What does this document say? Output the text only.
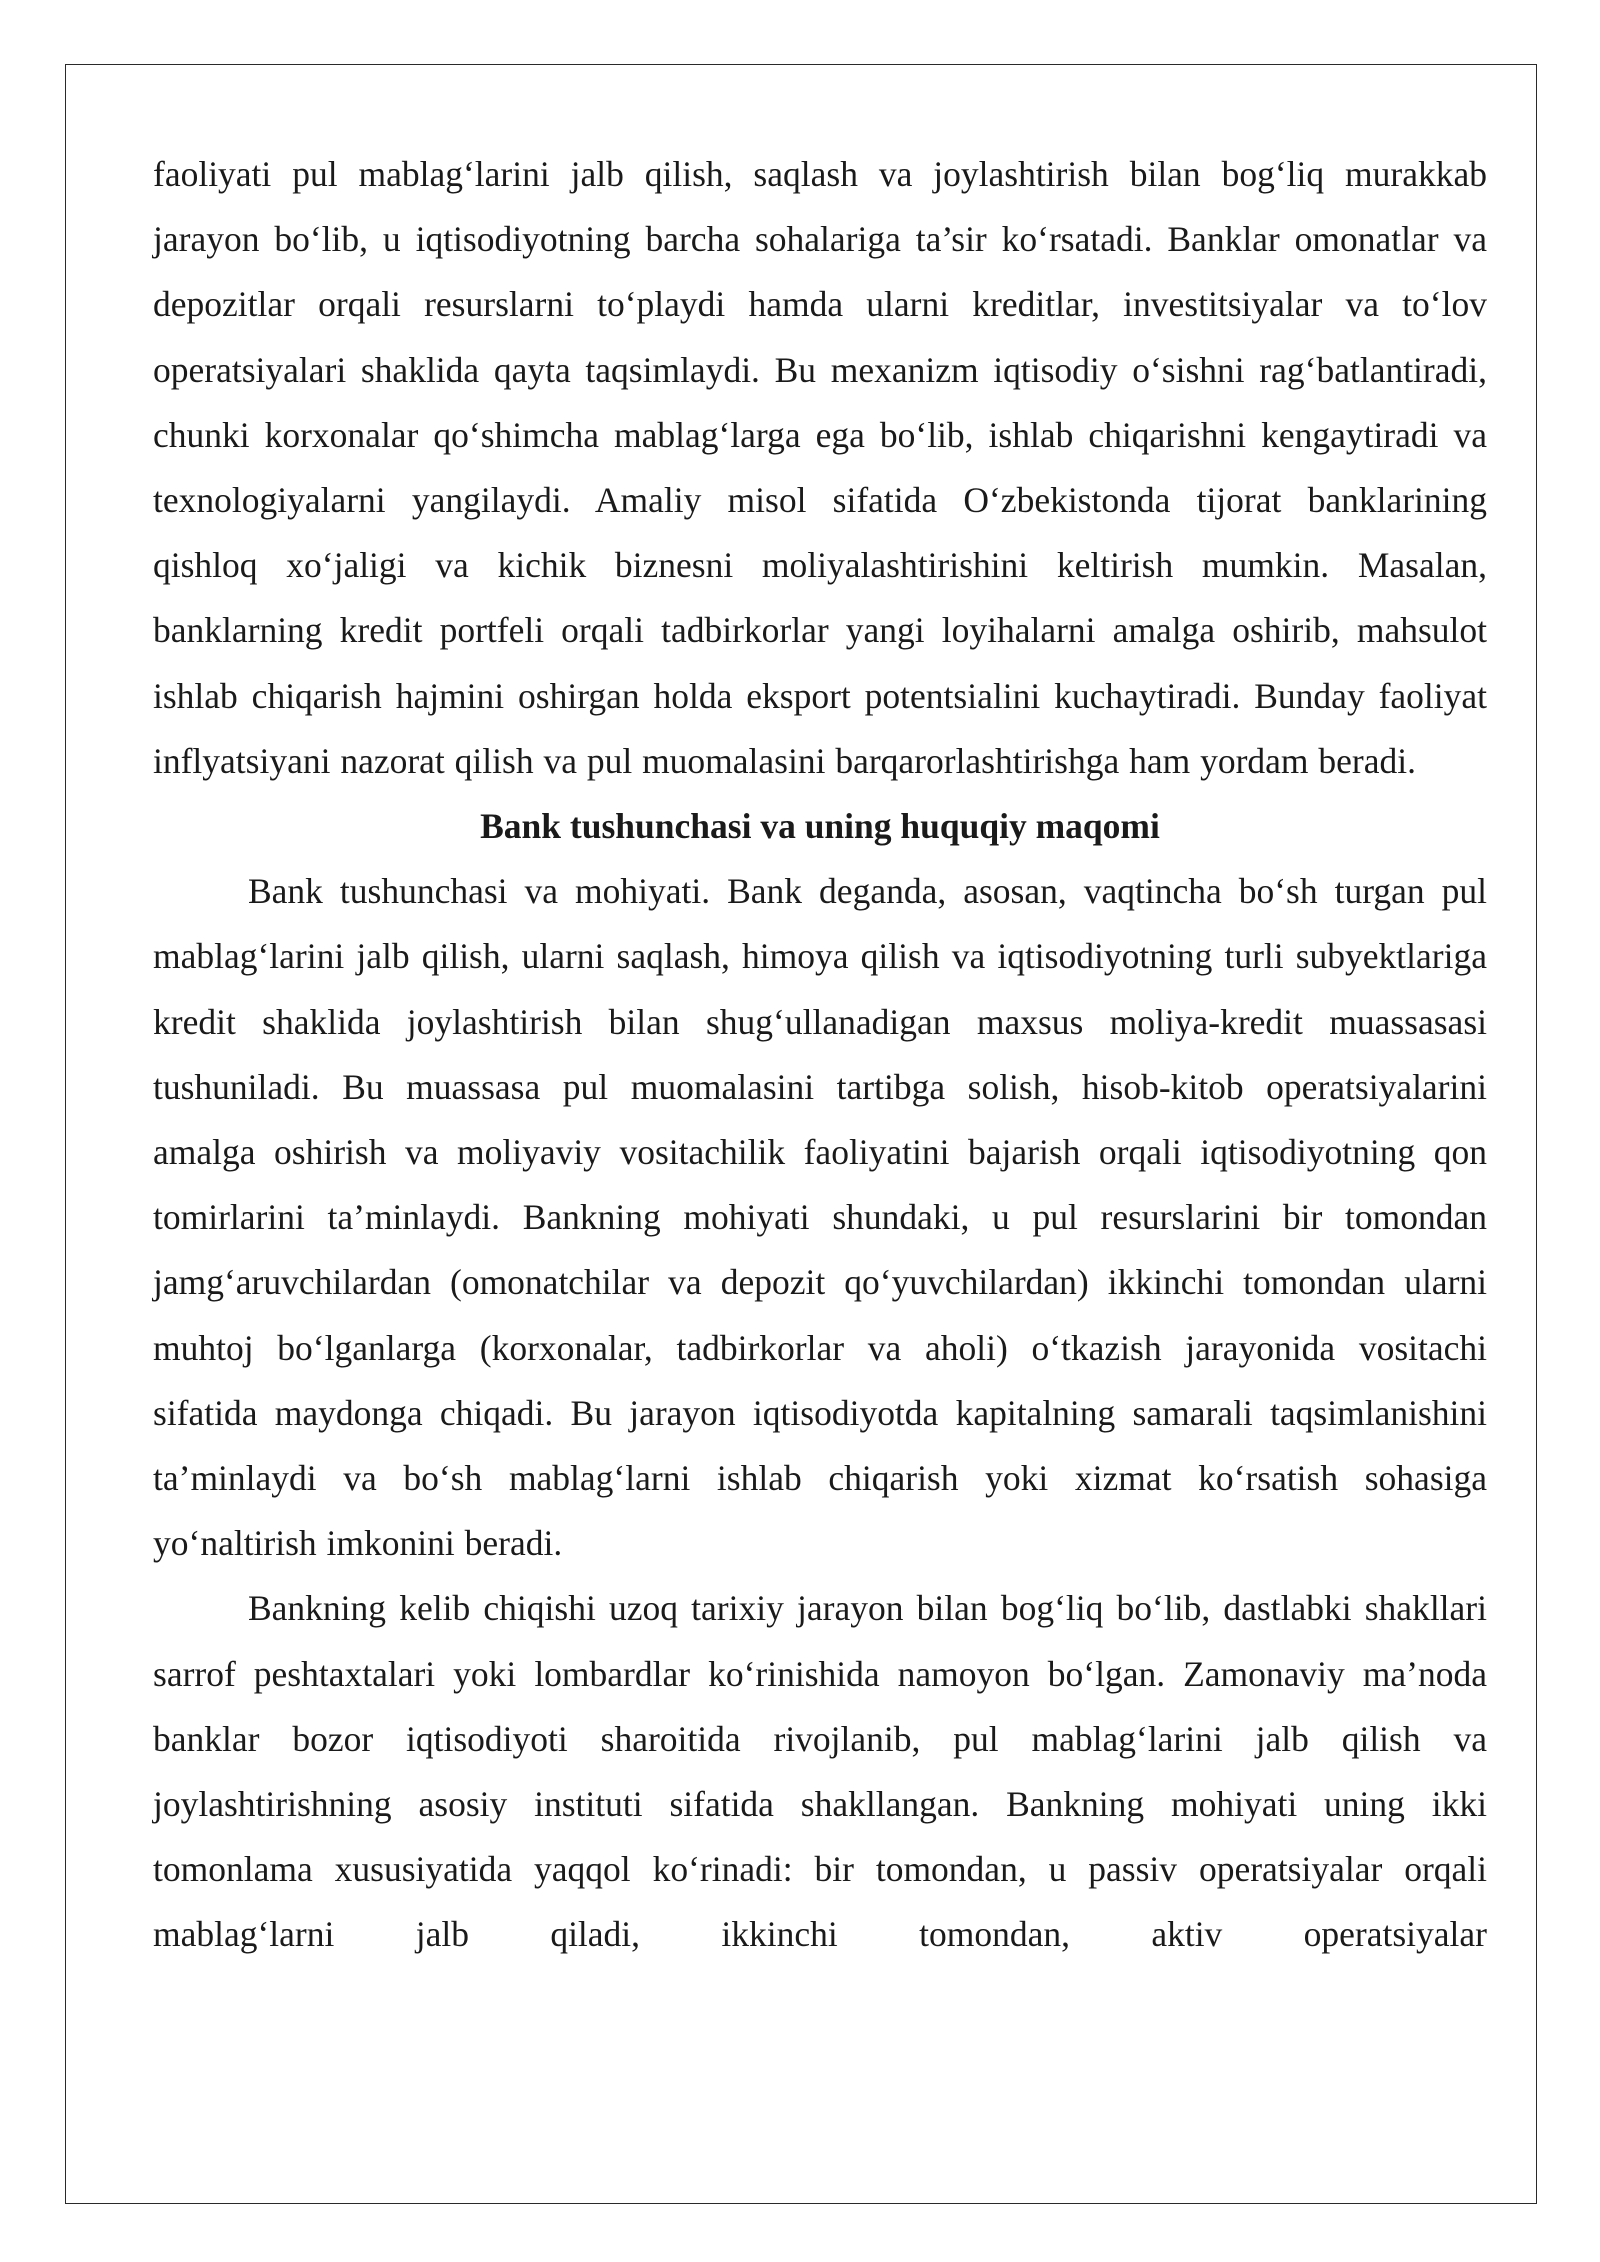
faoliyati pul mablag‘larini jalb qilish, saqlash va joylashtirish bilan bog‘liq murakkab jarayon bo‘lib, u iqtisodiyotning barcha sohalariga ta’sir ko‘rsatadi. Banklar omonatlar va depozitlar orqali resurslarni to‘playdi hamda ularni kreditlar, investitsiyalar va to‘lov operatsiyalari shaklida qayta taqsimlaydi. Bu mexanizm iqtisodiy o‘sishni rag‘batlantiradi, chunki korxonalar qo‘shimcha mablag‘larga ega bo‘lib, ishlab chiqarishni kengaytiradi va texnologiyalarni yangilaydi. Amaliy misol sifatida O‘zbekistonda tijorat banklarining qishloq xo‘jaligi va kichik biznesni moliyalashtirishini keltirish mumkin. Masalan, banklarning kredit portfeli orqali tadbirkorlar yangi loyihalarni amalga oshirib, mahsulot ishlab chiqarish hajmini oshirgan holda eksport potentsialini kuchaytiradi. Bunday faoliyat inflyatsiyani nazorat qilish va pul muomalasini barqarorlashtirishga ham yordam beradi.

Bank tushunchasi va uning huquqiy maqomi

Bank tushunchasi va mohiyati. Bank deganda, asosan, vaqtincha bo‘sh turgan pul mablag‘larini jalb qilish, ularni saqlash, himoya qilish va iqtisodiyotning turli subyektlariga kredit shaklida joylashtirish bilan shug‘ullanadigan maxsus moliya-kredit muassasasi tushuniladi. Bu muassasa pul muomalasini tartibga solish, hisob-kitob operatsiyalarini amalga oshirish va moliyaviy vositachilik faoliyatini bajarish orqali iqtisodiyotning qon tomirlarini ta’minlaydi. Bankning mohiyati shundaki, u pul resurslarini bir tomondan jamg‘aruvchilardan (omonatchilar va depozit qo‘yuvchilardan) ikkinchi tomondan ularni muhtoj bo‘lganlarga (korxonalar, tadbirkorlar va aholi) o‘tkazish jarayonida vositachi sifatida maydonga chiqadi. Bu jarayon iqtisodiyotda kapitalning samarali taqsimlanishini ta’minlaydi va bo‘sh mablag‘larni ishlab chiqarish yoki xizmat ko‘rsatish sohasiga yo‘naltirish imkonini beradi.

Bankning kelib chiqishi uzoq tarixiy jarayon bilan bog‘liq bo‘lib, dastlabki shakllari sarrof peshtaxtalari yoki lombardlar ko‘rinishida namoyon bo‘lgan. Zamonaviy ma’noda banklar bozor iqtisodiyoti sharoitida rivojlanib, pul mablag‘larini jalb qilish va joylashtirishning asosiy instituti sifatida shakllangan. Bankning mohiyati uning ikki tomonlama xususiyatida yaqqol ko‘rinadi: bir tomondan, u passiv operatsiyalar orqali mablag‘larni jalb qiladi, ikkinchi tomondan, aktiv operatsiyalar
